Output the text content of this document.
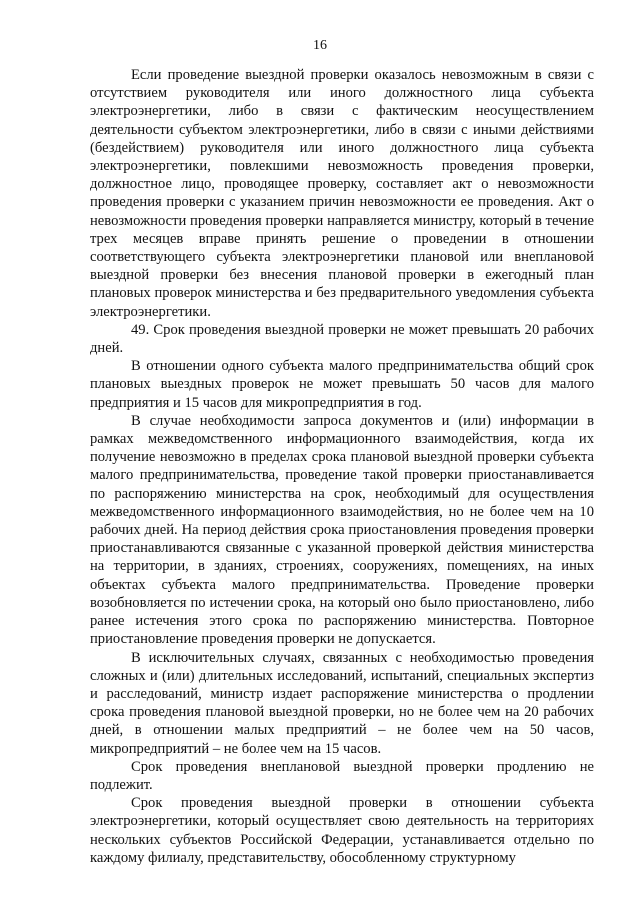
16

Если проведение выездной проверки оказалось невозможным в связи с отсутствием руководителя или иного должностного лица субъекта электроэнергетики, либо в связи с фактическим неосуществлением деятельности субъектом электроэнергетики, либо в связи с иными действиями (бездействием) руководителя или иного должностного лица субъекта электроэнергетики, повлекшими невозможность проведения проверки, должностное лицо, проводящее проверку, составляет акт о невозможности проведения проверки с указанием причин невозможности ее проведения. Акт о невозможности проведения проверки направляется министру, который в течение трех месяцев вправе принять решение о проведении в отношении соответствующего субъекта электроэнергетики плановой или внеплановой выездной проверки без внесения плановой проверки в ежегодный план плановых проверок министерства и без предварительного уведомления субъекта электроэнергетики.

49. Срок проведения выездной проверки не может превышать 20 рабочих дней.

В отношении одного субъекта малого предпринимательства общий срок плановых выездных проверок не может превышать 50 часов для малого предприятия и 15 часов для микропредприятия в год.

В случае необходимости запроса документов и (или) информации в рамках межведомственного информационного взаимодействия, когда их получение невозможно в пределах срока плановой выездной проверки субъекта малого предпринимательства, проведение такой проверки приостанавливается по распоряжению министерства на срок, необходимый для осуществления межведомственного информационного взаимодействия, но не более чем на 10 рабочих дней. На период действия срока приостановления проведения проверки приостанавливаются связанные с указанной проверкой действия министерства на территории, в зданиях, строениях, сооружениях, помещениях, на иных объектах субъекта малого предпринимательства. Проведение проверки возобновляется по истечении срока, на который оно было приостановлено, либо ранее истечения этого срока по распоряжению министерства. Повторное приостановление проведения проверки не допускается.

В исключительных случаях, связанных с необходимостью проведения сложных и (или) длительных исследований, испытаний, специальных экспертиз и расследований, министр издает распоряжение министерства о продлении срока проведения плановой выездной проверки, но не более чем на 20 рабочих дней, в отношении малых предприятий – не более чем на 50 часов, микропредприятий – не более чем на 15 часов.

Срок проведения внеплановой выездной проверки продлению не подлежит.

Срок проведения выездной проверки в отношении субъекта электроэнергетики, который осуществляет свою деятельность на территориях нескольких субъектов Российской Федерации, устанавливается отдельно по каждому филиалу, представительству, обособленному структурному
